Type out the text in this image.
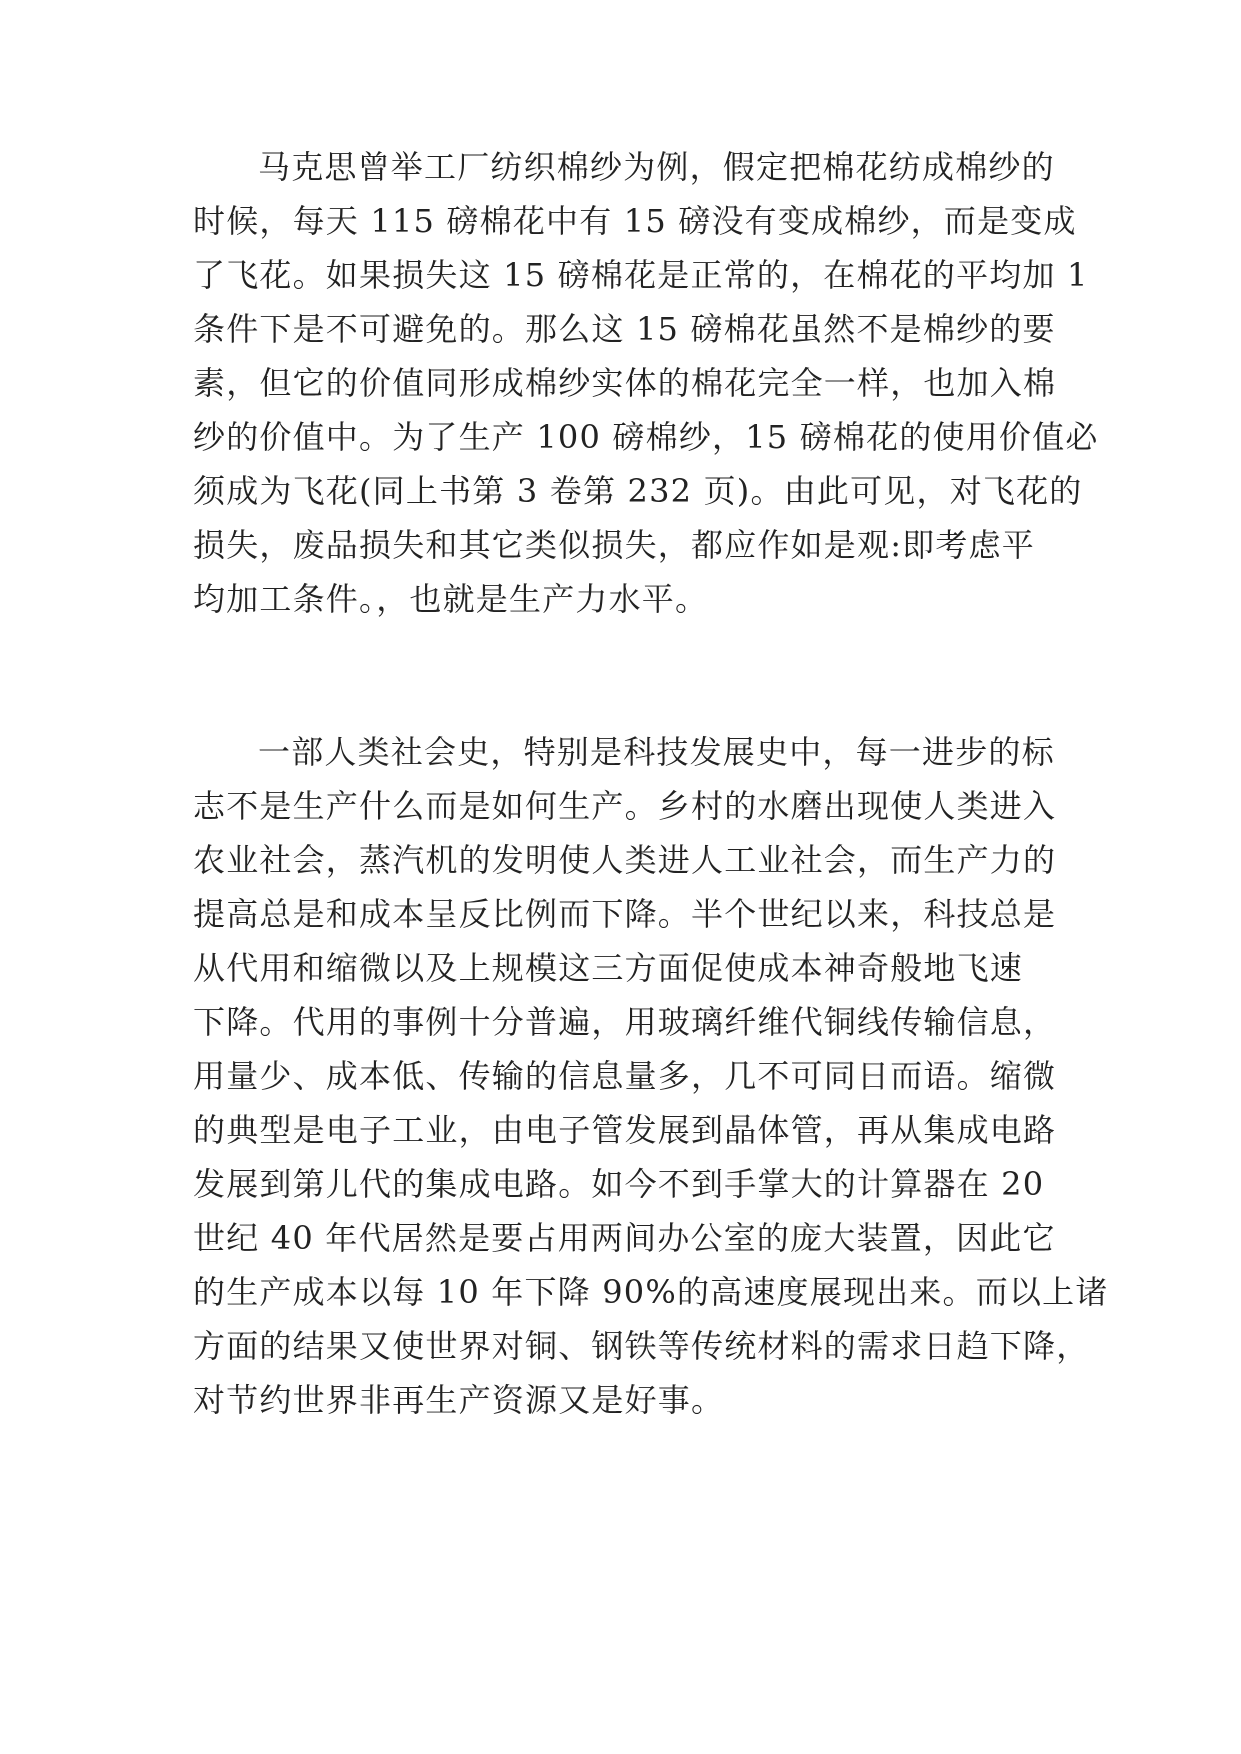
马克思曾举工厂纺织棉纱为例，假定把棉花纺成棉纱的
时候，每天 115 磅棉花中有 15 磅没有变成棉纱，而是变成
了飞花。如果损失这 15 磅棉花是正常的，在棉花的平均加 1
条件下是不可避免的。那么这 15 磅棉花虽然不是棉纱的要
素，但它的价值同形成棉纱实体的棉花完全一样，也加入棉
纱的价值中。为了生产 100 磅棉纱，15 磅棉花的使用价值必
须成为飞花(同上书第 3 卷第 232 页)。由此可见，对飞花的
损失，废品损失和其它类似损失，都应作如是观:即考虑平
均加工条件。，也就是生产力水平。
一部人类社会史，特别是科技发展史中，每一进步的标
志不是生产什么而是如何生产。乡村的水磨出现使人类进入
农业社会，蒸汽机的发明使人类进人工业社会，而生产力的
提高总是和成本呈反比例而下降。半个世纪以来，科技总是
从代用和缩微以及上规模这三方面促使成本神奇般地飞速
下降。代用的事例十分普遍，用玻璃纤维代铜线传输信息，
用量少、成本低、传输的信息量多，几不可同日而语。缩微
的典型是电子工业，由电子管发展到晶体管，再从集成电路
发展到第儿代的集成电路。如今不到手掌大的计算器在 20
世纪 40 年代居然是要占用两间办公室的庞大装置，因此它
的生产成本以每 10 年下降 90%的高速度展现出来。而以上诸
方面的结果又使世界对铜、钢铁等传统材料的需求日趋下降，
对节约世界非再生产资源又是好事。
